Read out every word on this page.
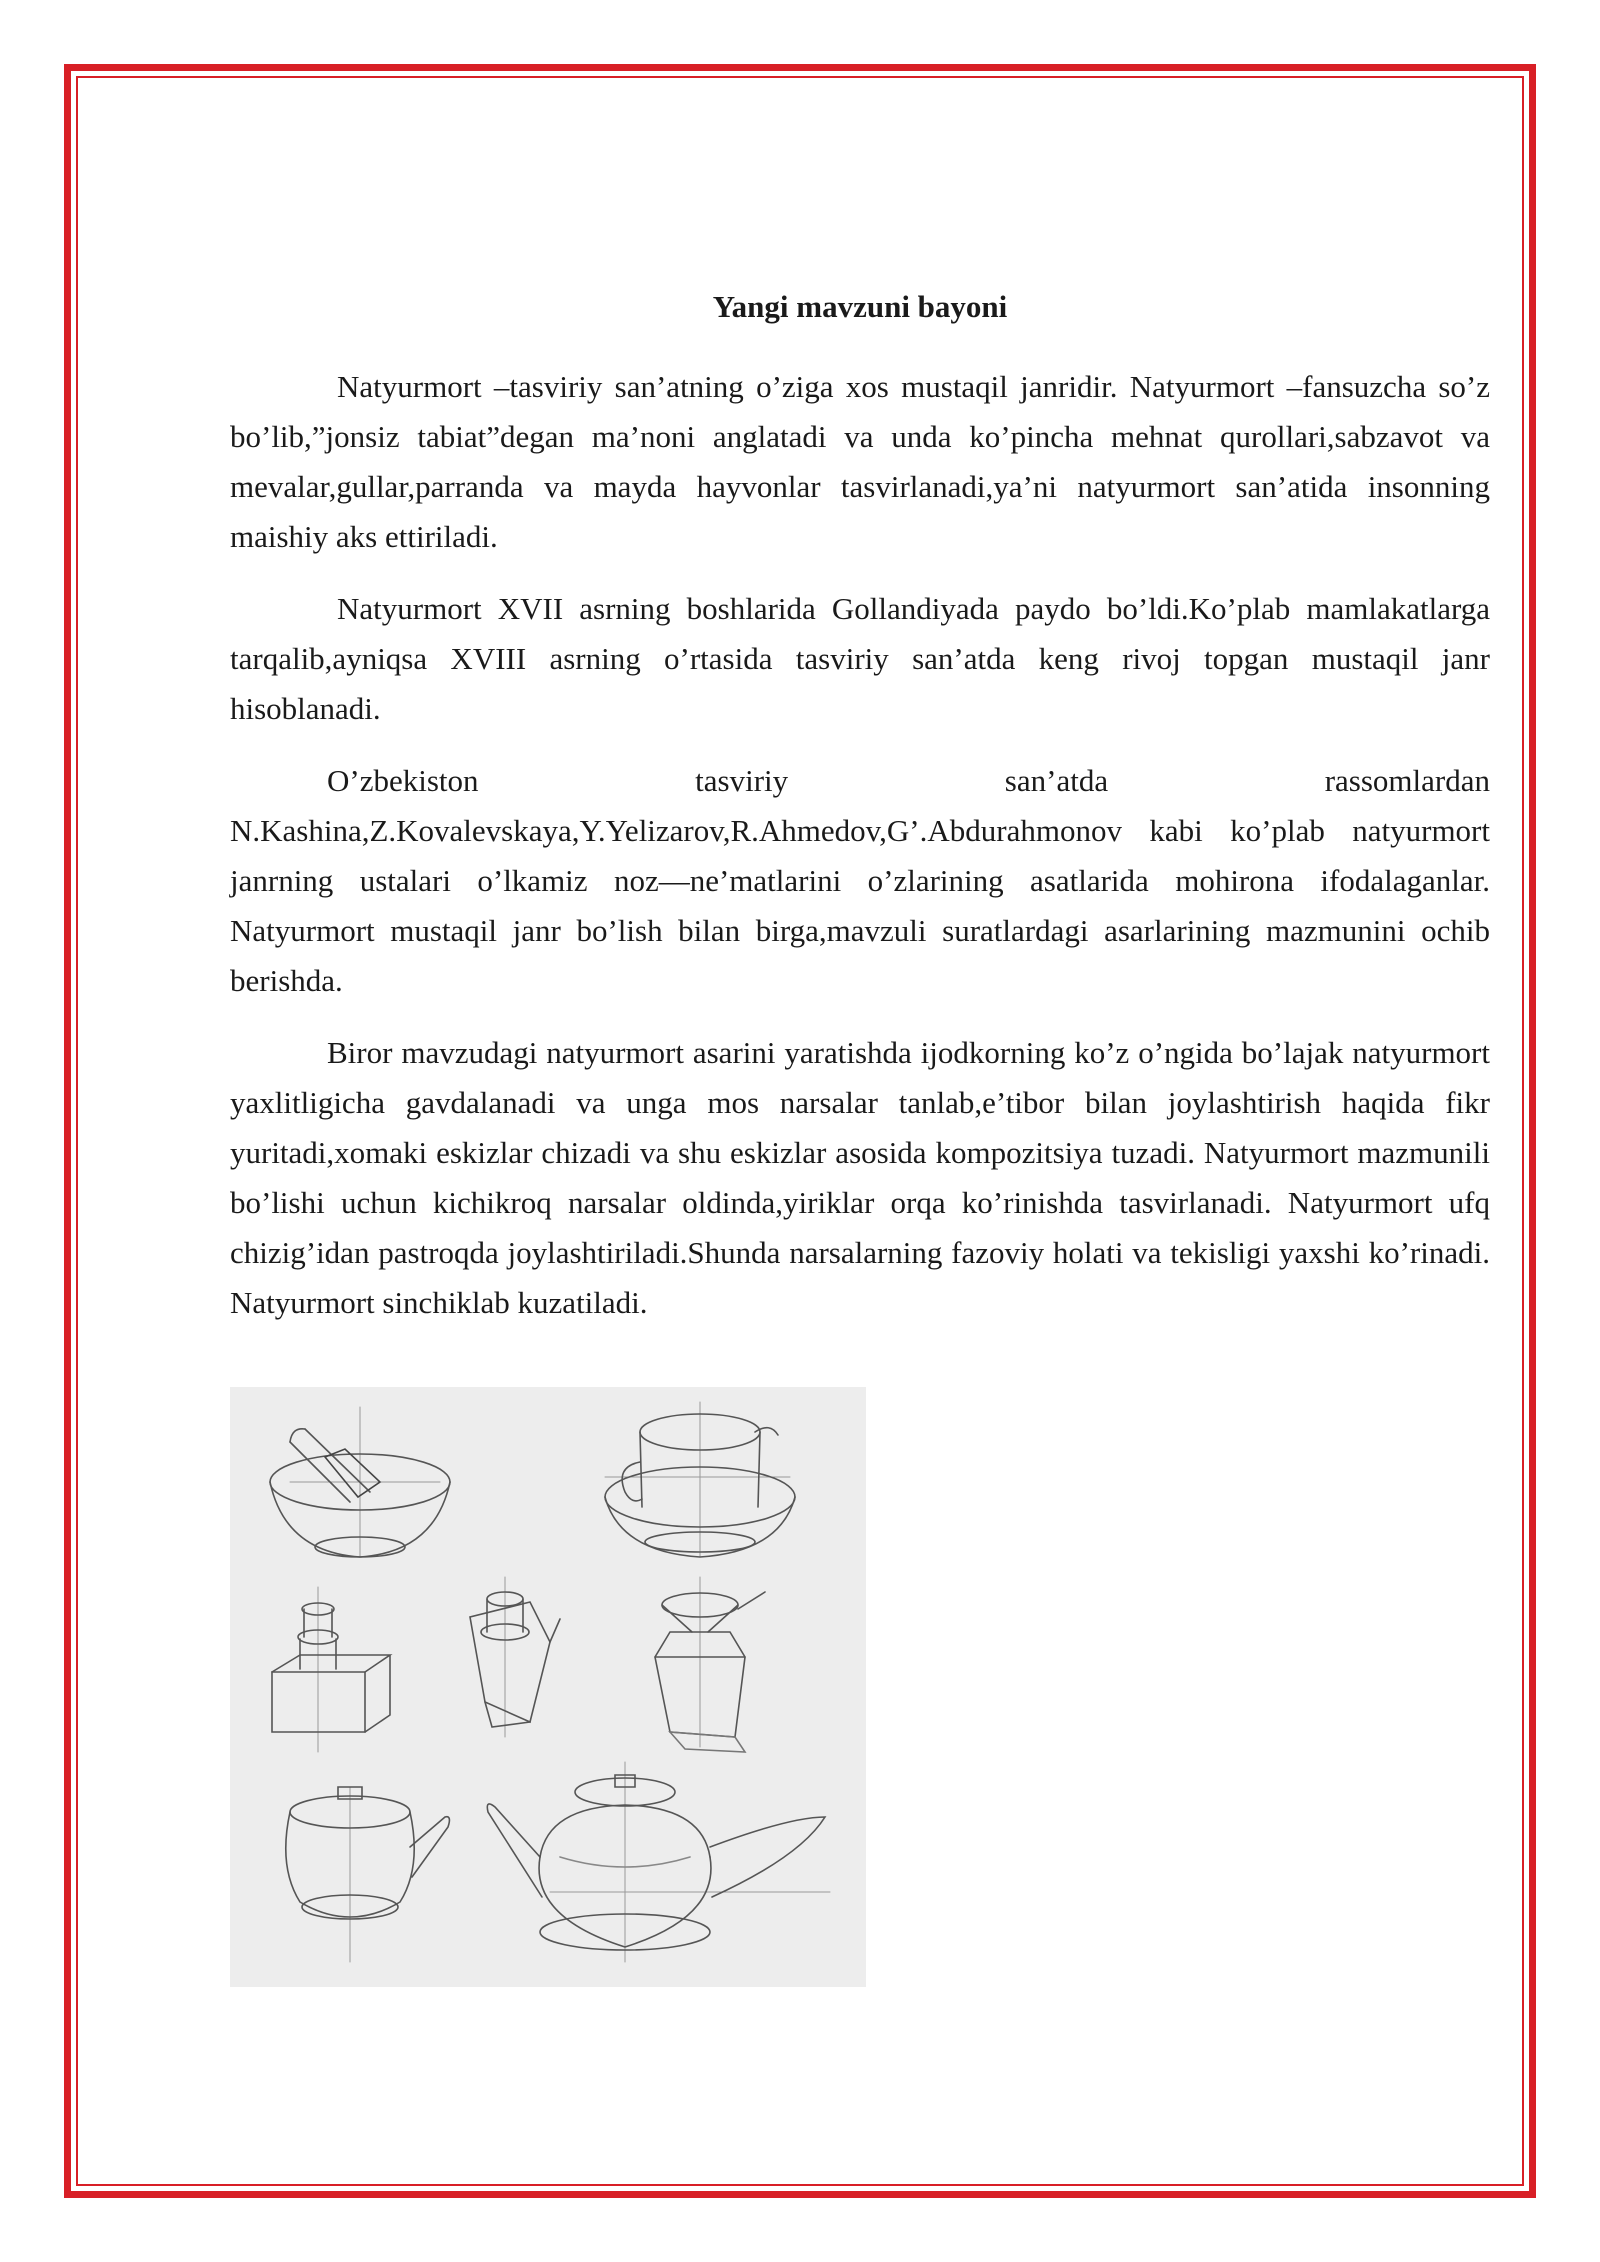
Yangi mavzuni bayoni

Natyurmort –tasviriy san’atning o’ziga xos mustaqil janridir. Natyurmort –fansuzcha so’z bo’lib,”jonsiz tabiat”degan ma’noni anglatadi va unda ko’pincha mehnat qurollari,sabzavot va mevalar,gullar,parranda va mayda hayvonlar tasvirlanadi,ya’ni natyurmort san’atida insonning maishiy aks ettiriladi.

Natyurmort XVII asrning boshlarida Gollandiyada paydo bo’ldi.Ko’plab mamlakatlarga tarqalib,ayniqsa XVIII asrning o’rtasida tasviriy san’atda keng rivoj topgan mustaqil janr hisoblanadi.

O’zbekiston tasviriy san’atda rassomlardan N.Kashina,Z.Kovalevskaya,Y.Yelizarov,R.Ahmedov,G’.Abdurahmonov kabi ko’plab natyurmort janrning ustalari o’lkamiz noz—ne’matlarini o’zlarining asatlarida mohirona ifodalaganlar. Natyurmort mustaqil janr bo’lish bilan birga,mavzuli suratlardagi asarlarining mazmunini ochib berishda.

Biror mavzudagi natyurmort asarini yaratishda ijodkorning ko’z o’ngida bo’lajak natyurmort yaxlitligicha gavdalanadi va unga mos narsalar tanlab,e’tibor bilan joylashtirish haqida fikr yuritadi,xomaki eskizlar chizadi va shu eskizlar asosida kompozitsiya tuzadi. Natyurmort mazmunili bo’lishi uchun kichikroq narsalar oldinda,yiriklar orqa ko’rinishda tasvirlanadi. Natyurmort ufq chizig’idan pastroqda joylashtiriladi.Shunda narsalarning fazoviy holati va tekisligi yaxshi ko’rinadi. Natyurmort sinchiklab kuzatiladi.
